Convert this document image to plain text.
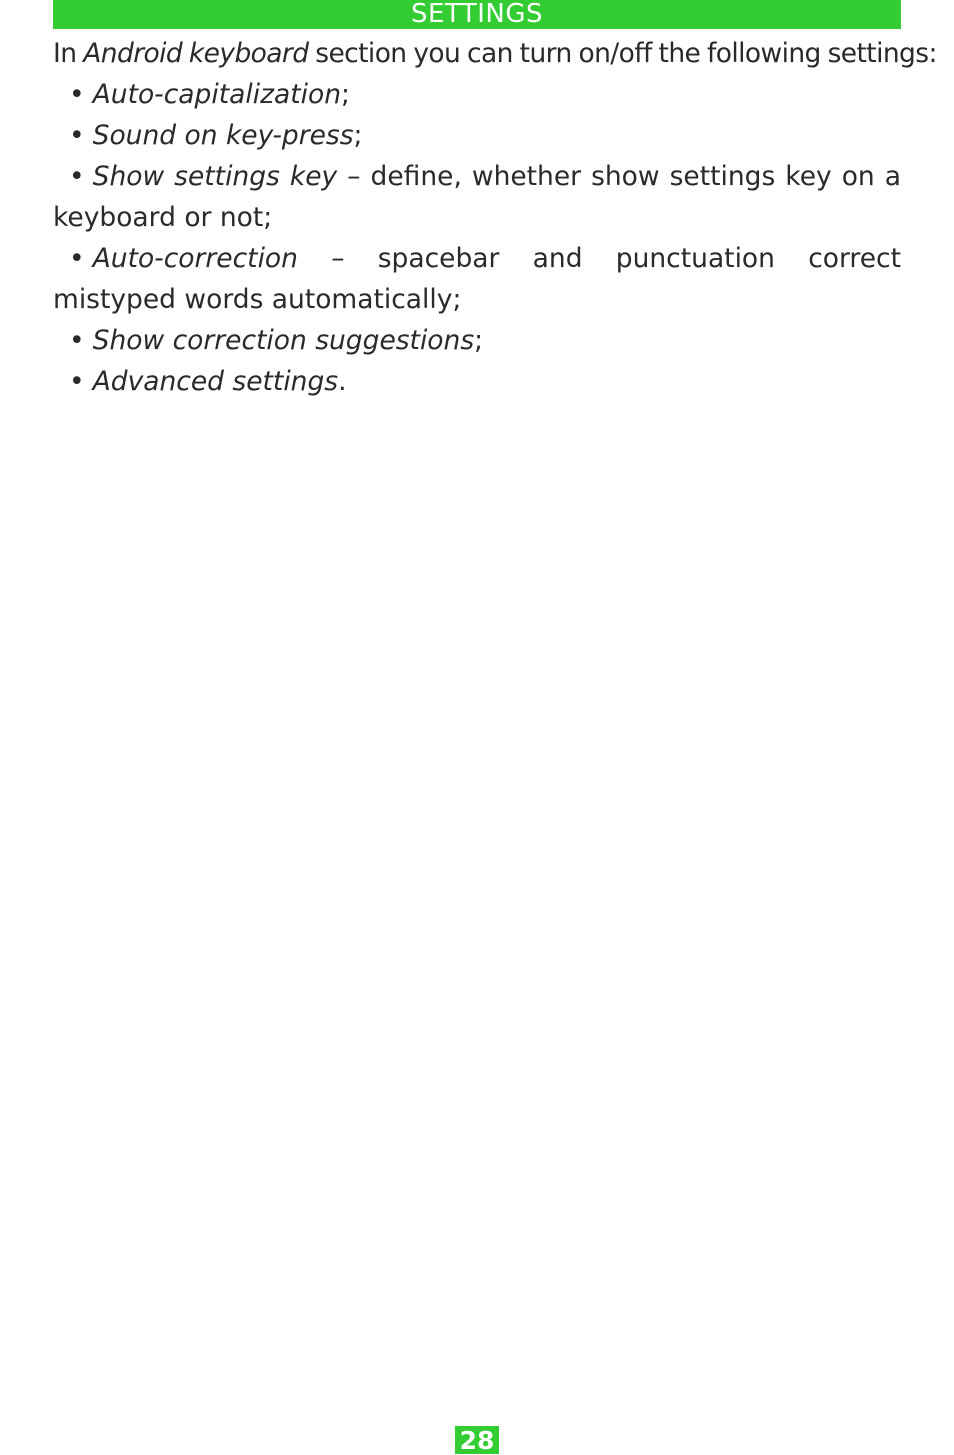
SETTINGS

In Android keyboard section you can turn on/off the following settings:

• Auto-capitalization;

• Sound on key-press;

• Show settings key – define, whether show settings key on a keyboard or not;

• Auto-correction – spacebar and punctuation correct mistyped words automatically;

• Show correction suggestions;

• Advanced settings.

28
